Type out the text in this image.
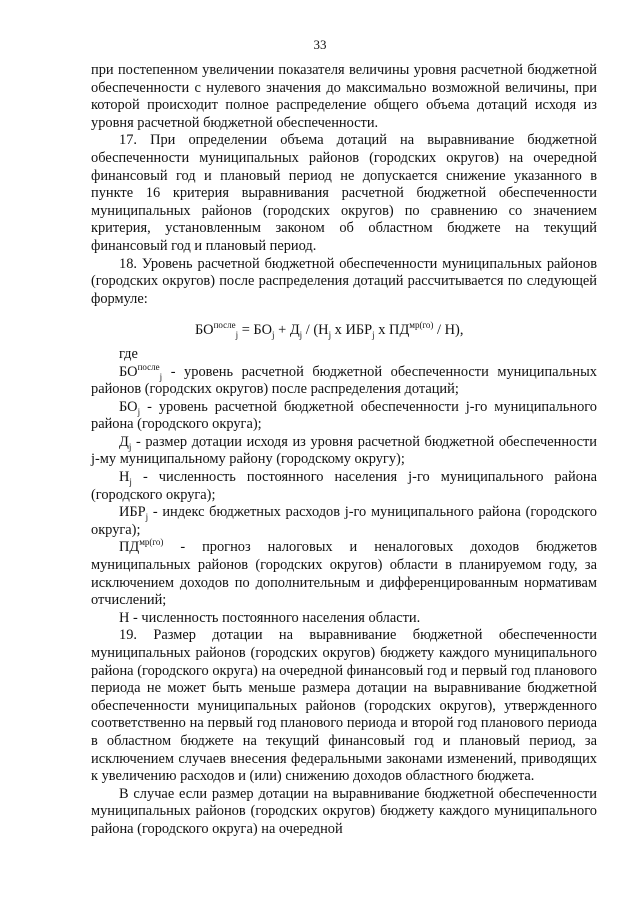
33

при постепенном увеличении показателя величины уровня расчетной бюджетной обеспеченности с нулевого значения до максимально возможной величины, при которой происходит полное распределение общего объема дотаций исходя из уровня расчетной бюджетной обеспеченности.

17. При определении объема дотаций на выравнивание бюджетной обеспеченности муниципальных районов (городских округов) на очередной финансовый год и плановый период не допускается снижение указанного в пункте 16 критерия выравнивания расчетной бюджетной обеспеченности муниципальных районов (городских округов) по сравнению со значением критерия, установленным законом об областном бюджете на текущий финансовый год и плановый период.

18. Уровень расчетной бюджетной обеспеченности муниципальных районов (городских округов) после распределения дотаций рассчитывается по следующей формуле:

$БО^{после}_j = БО_j + Д_j / (Н_j$ х $ИБР_j$ х $ПД^{мр(го)} / Н$),

где

$БО^{после}_j$ - уровень расчетной бюджетной обеспеченности муниципальных районов (городских округов) после распределения дотаций;

$БО_j$ - уровень расчетной бюджетной обеспеченности j-го муниципального района (городского округа);

$Д_j$ - размер дотации исходя из уровня расчетной бюджетной обеспеченности j-му муниципальному району (городскому округу);

$Н_j$ - численность постоянного населения j-го муниципального района (городского округа);

$ИБР_j$ - индекс бюджетных расходов j-го муниципального района (городского округа);

$ПД^{мр(го)}$ - прогноз налоговых и неналоговых доходов бюджетов муниципальных районов (городских округов) области в планируемом году, за исключением доходов по дополнительным и дифференцированным нормативам отчислений;

Н - численность постоянного населения области.

19. Размер дотации на выравнивание бюджетной обеспеченности муниципальных районов (городских округов) бюджету каждого муниципального района (городского округа) на очередной финансовый год и первый год планового периода не может быть меньше размера дотации на выравнивание бюджетной обеспеченности муниципальных районов (городских округов), утвержденного соответственно на первый год планового периода и второй год планового периода в областном бюджете на текущий финансовый год и плановый период, за исключением случаев внесения федеральными законами изменений, приводящих к увеличению расходов и (или) снижению доходов областного бюджета.

В случае если размер дотации на выравнивание бюджетной обеспеченности муниципальных районов (городских округов) бюджету каждого муниципального района (городского округа) на очередной
